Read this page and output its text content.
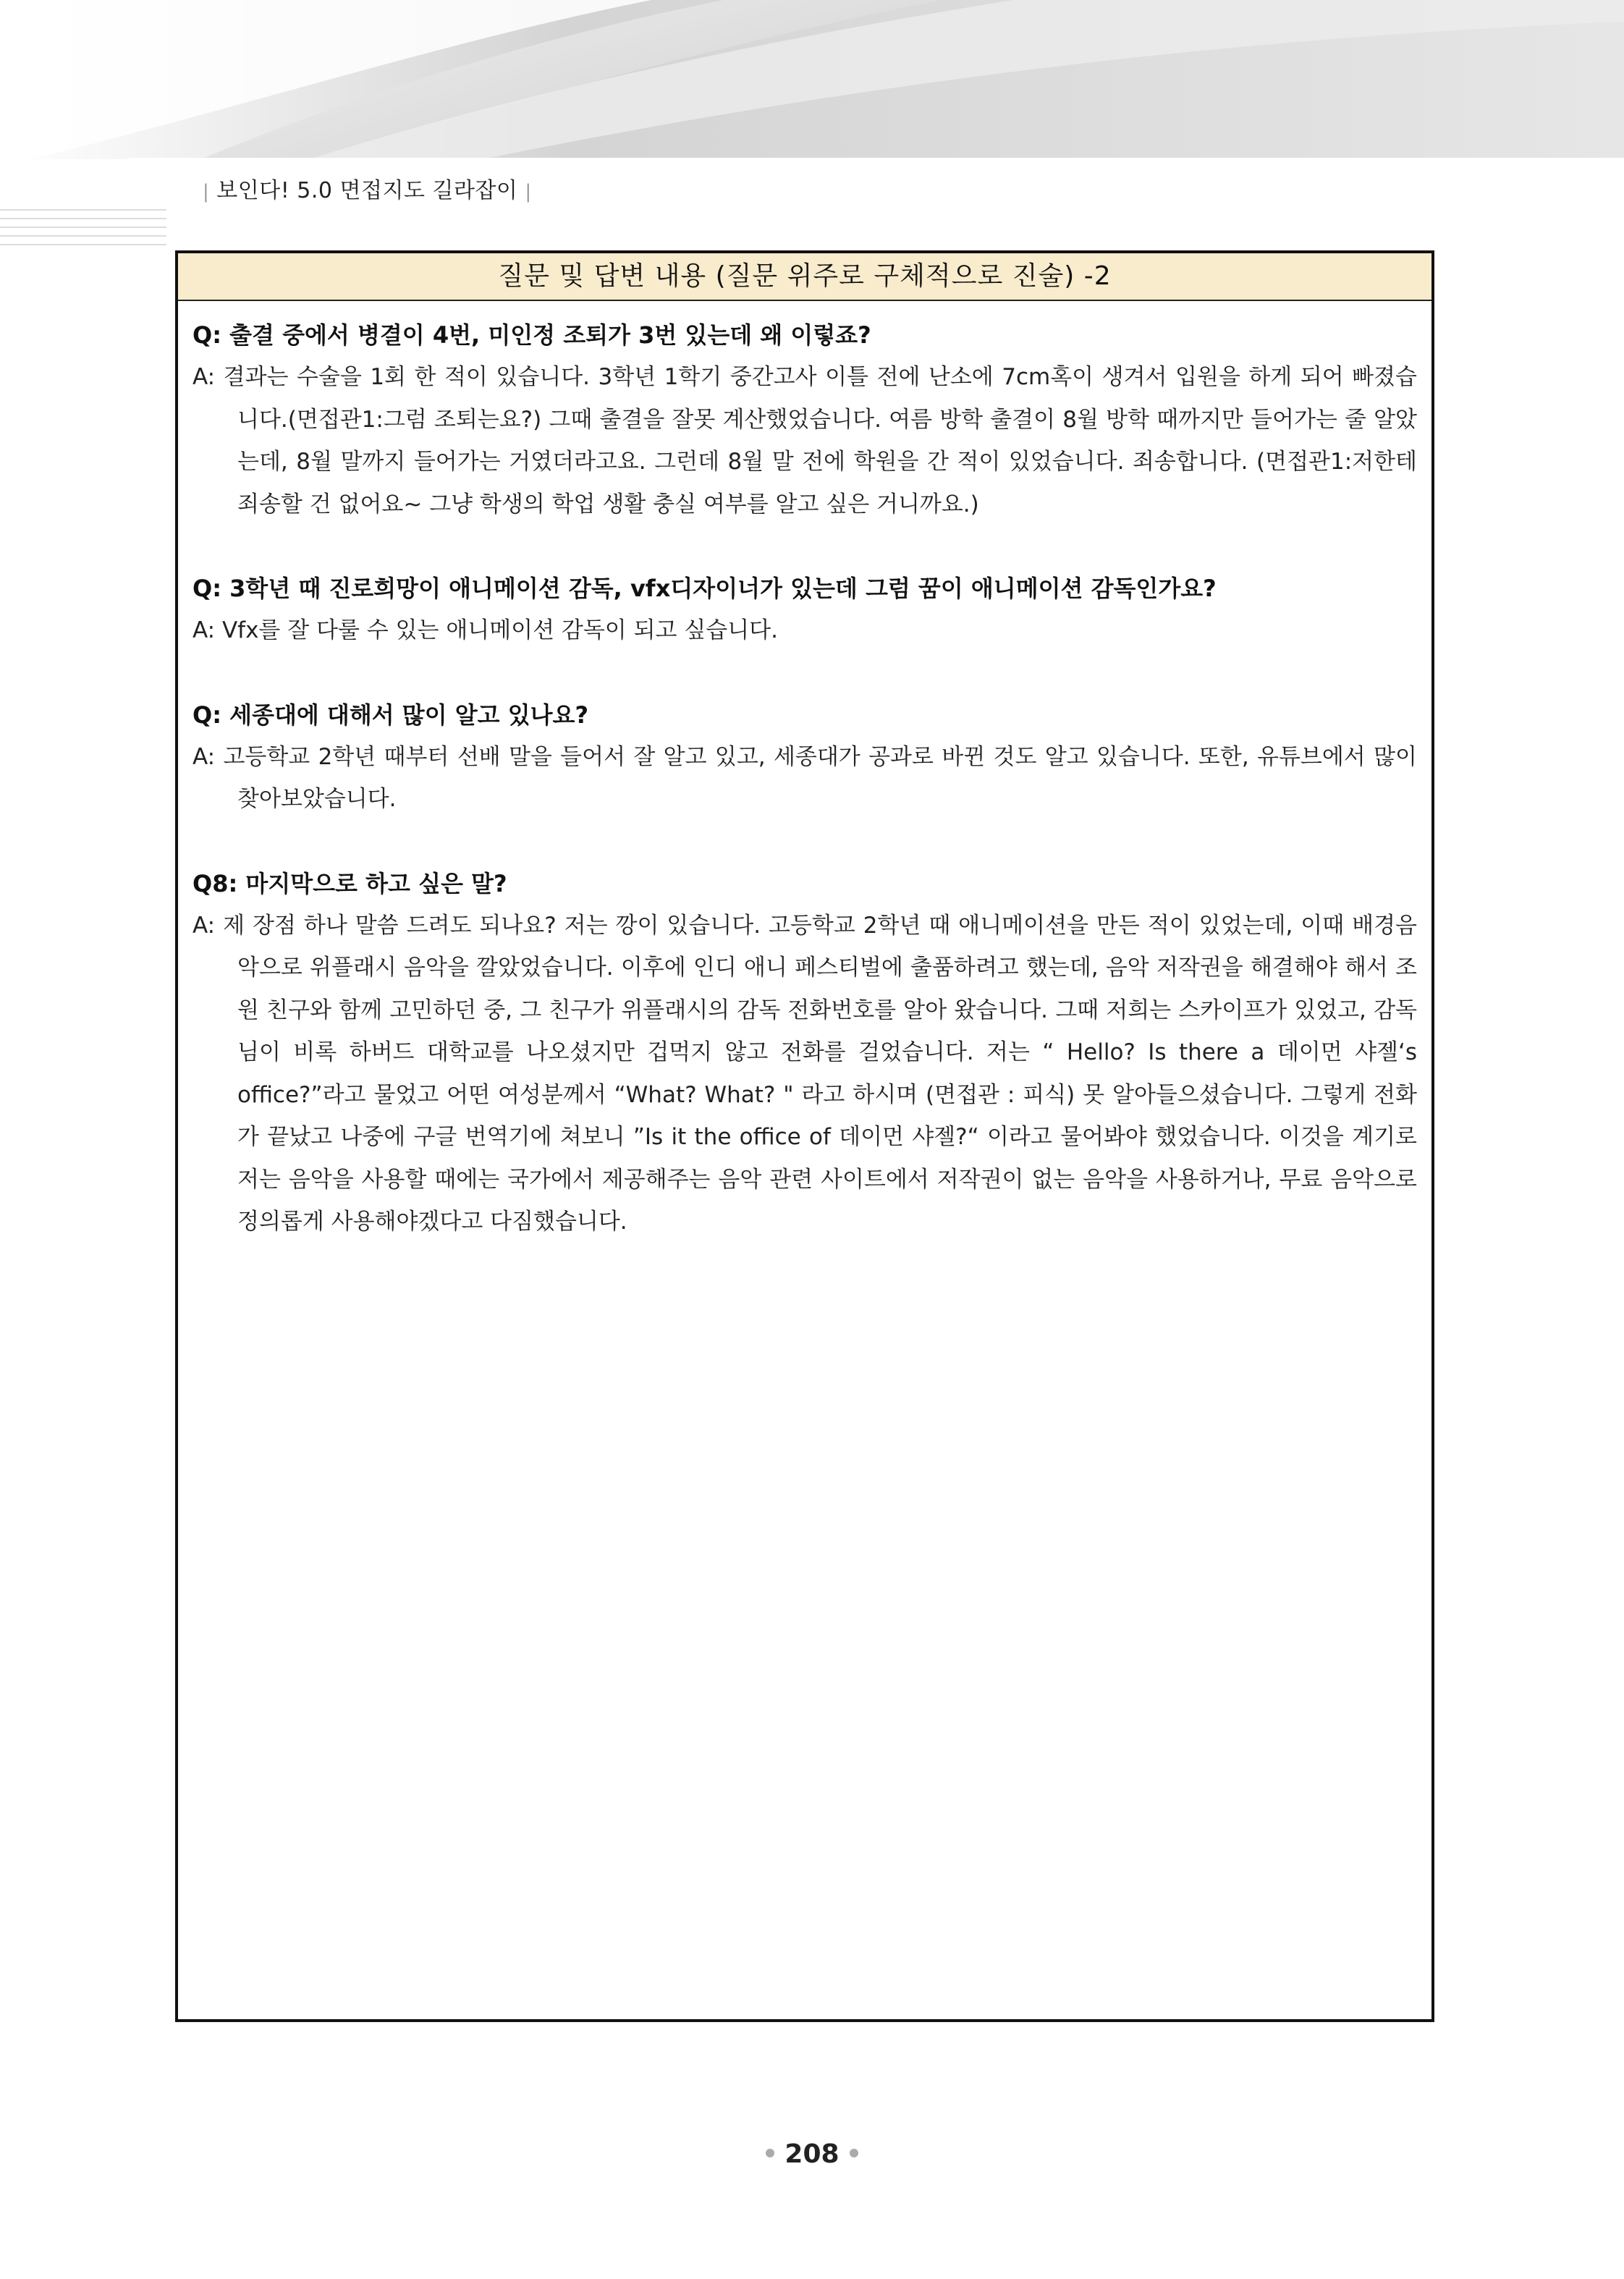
| 보인다! 5.0 면접지도 길라잡이 |
질문 및 답변 내용 (질문 위주로 구체적으로 진술) -2
Q: 출결 중에서 병결이 4번, 미인정 조퇴가 3번 있는데 왜 이렇죠?
A: 결과는 수술을 1회 한 적이 있습니다. 3학년 1학기 중간고사 이틀 전에 난소에 7cm혹이 생겨서 입원을 하게 되어 빠졌습니다.(면접관1:그럼 조퇴는요?) 그때 출결을 잘못 계산했었습니다. 여름 방학 출결이 8월 방학 때까지만 들어가는 줄 알았는데, 8월 말까지 들어가는 거였더라고요. 그런데 8월 말 전에 학원을 간 적이 있었습니다. 죄송합니다. (면접관1:저한테 죄송할 건 없어요~ 그냥 학생의 학업 생활 충실 여부를 알고 싶은 거니까요.)
Q: 3학년 때 진로희망이 애니메이션 감독, vfx디자이너가 있는데 그럼 꿈이 애니메이션 감독인가요?
A: Vfx를 잘 다룰 수 있는 애니메이션 감독이 되고 싶습니다.
Q: 세종대에 대해서 많이 알고 있나요?
A: 고등학교 2학년 때부터 선배 말을 들어서 잘 알고 있고, 세종대가 공과로 바뀐 것도 알고 있습니다. 또한, 유튜브에서 많이 찾아보았습니다.
Q8: 마지막으로 하고 싶은 말?
A: 제 장점 하나 말씀 드려도 되나요? 저는 깡이 있습니다. 고등학교 2학년 때 애니메이션을 만든 적이 있었는데, 이때 배경음악으로 위플래시 음악을 깔았었습니다. 이후에 인디 애니 페스티벌에 출품하려고 했는데, 음악 저작권을 해결해야 해서 조원 친구와 함께 고민하던 중, 그 친구가 위플래시의 감독 전화번호를 알아 왔습니다. 그때 저희는 스카이프가 있었고, 감독님이 비록 하버드 대학교를 나오셨지만 겁먹지 않고 전화를 걸었습니다. 저는 “ Hello? Is there a 데이먼 샤젤‘s office?”라고 물었고 어떤 여성분께서 “What? What? " 라고 하시며 (면접관 : 피식) 못 알아들으셨습니다. 그렇게 전화가 끝났고 나중에 구글 번역기에 쳐보니 ”Is it the office of 데이먼 샤젤?“ 이라고 물어봐야 했었습니다. 이것을 계기로 저는 음악을 사용할 때에는 국가에서 제공해주는 음악 관련 사이트에서 저작권이 없는 음악을 사용하거나, 무료 음악으로 정의롭게 사용해야겠다고 다짐했습니다.
208
